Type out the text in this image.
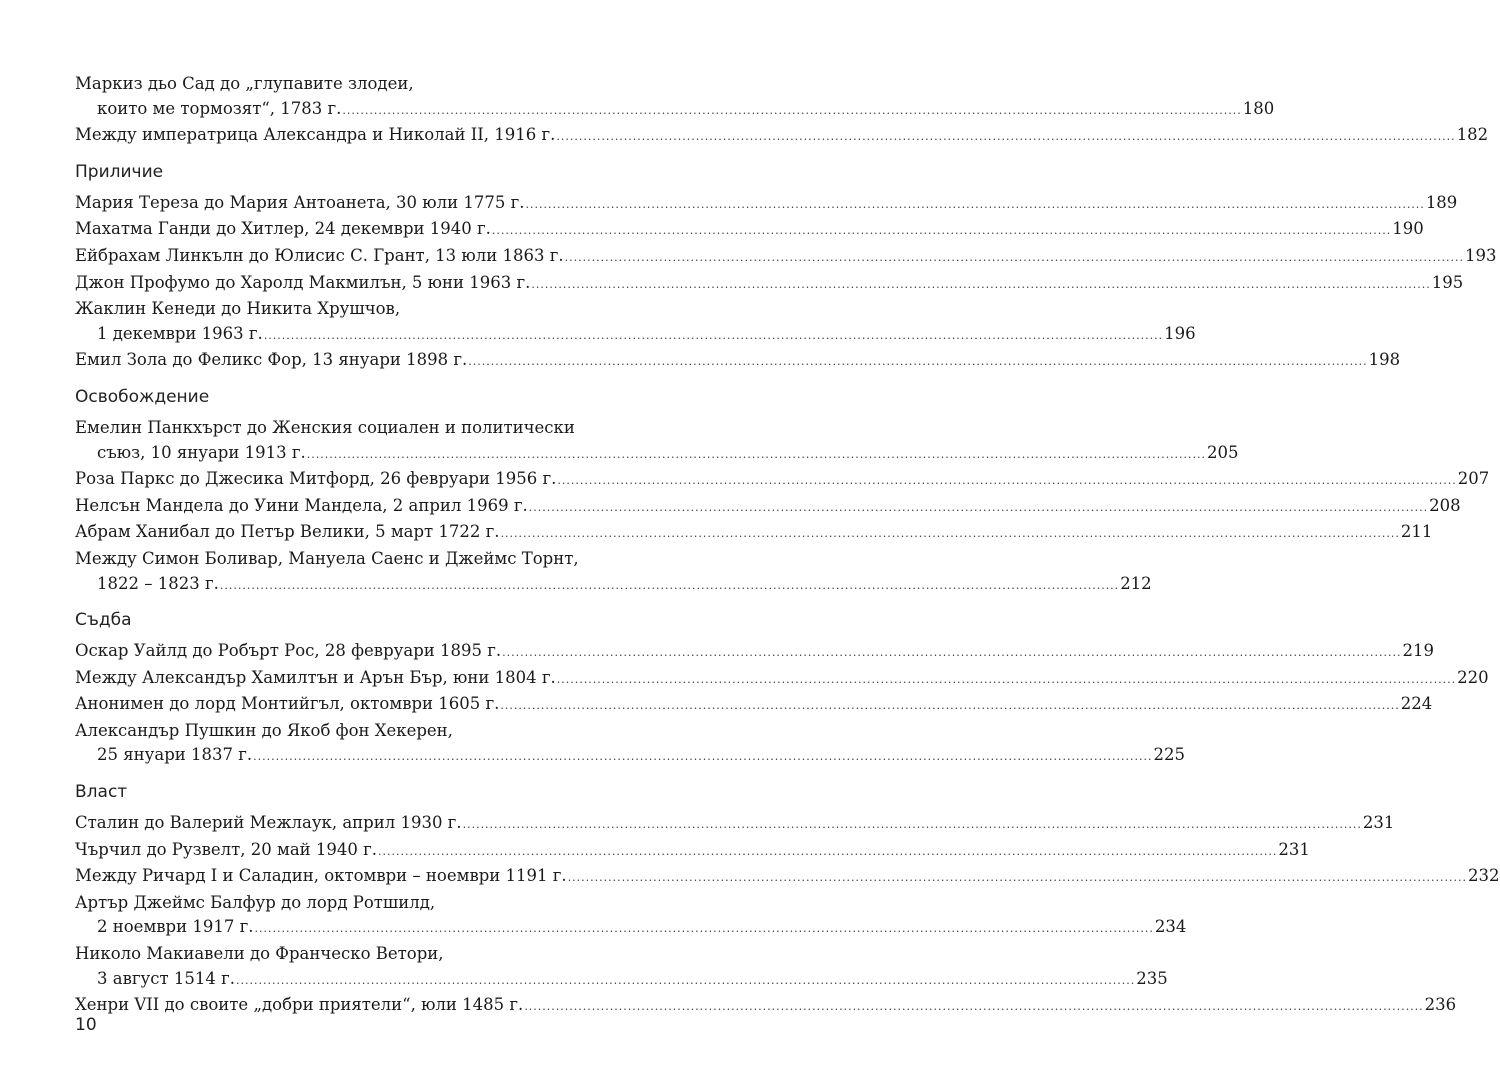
Маркиз дьо Сад до „глупавите злодеи,
които ме тормозят“, 1783 г. ........................................................................................................................................................................................................ 180
Между императрица Александра и Николай II, 1916 г. ........................................................................................................................................................................................................ 182
Приличие
Мария Тереза до Мария Антоанета, 30 юли 1775 г. ........................................................................................................................................................................................................ 189
Махатма Ганди до Хитлер, 24 декември 1940 г. ........................................................................................................................................................................................................ 190
Ейбрахам Линкълн до Юлисис С. Грант, 13 юли 1863 г. ........................................................................................................................................................................................................ 193
Джон Профумо до Харолд Макмилън, 5 юни 1963 г. ........................................................................................................................................................................................................ 195
Жаклин Кенеди до Никита Хрушчов,
1 декември 1963 г. ........................................................................................................................................................................................................ 196
Емил Зола до Феликс Фор, 13 януари 1898 г. ........................................................................................................................................................................................................ 198
Освобождение
Емелин Панкхърст до Женския социален и политически
съюз, 10 януари 1913 г. ........................................................................................................................................................................................................ 205
Роза Паркс до Джесика Митфорд, 26 февруари 1956 г. ........................................................................................................................................................................................................ 207
Нелсън Мандела до Уини Мандела, 2 април 1969 г. ........................................................................................................................................................................................................ 208
Абрам Ханибал до Петър Велики, 5 март 1722 г. ........................................................................................................................................................................................................ 211
Между Симон Боливар, Мануела Саенс и Джеймс Торнт,
1822 – 1823 г. ........................................................................................................................................................................................................ 212
Съдба
Оскар Уайлд до Робърт Рос, 28 февруари 1895 г. ........................................................................................................................................................................................................ 219
Между Александър Хамилтън и Арън Бър, юни 1804 г. ........................................................................................................................................................................................................ 220
Анонимен до лорд Монтийгъл, октомври 1605 г. ........................................................................................................................................................................................................ 224
Александър Пушкин до Якоб фон Хекерен,
25 януари 1837 г. ........................................................................................................................................................................................................ 225
Власт
Сталин до Валерий Межлаук, април 1930 г. ........................................................................................................................................................................................................ 231
Чърчил до Рузвелт, 20 май 1940 г. ........................................................................................................................................................................................................ 231
Между Ричард I и Саладин, октомври – ноември 1191 г. ........................................................................................................................................................................................................ 232
Артър Джеймс Балфур до лорд Ротшилд,
2 ноември 1917 г. ........................................................................................................................................................................................................ 234
Николо Макиавели до Франческо Ветори,
3 август 1514 г. ........................................................................................................................................................................................................ 235
Хенри VII до своите „добри приятели“, юли 1485 г. ........................................................................................................................................................................................................ 236
10
